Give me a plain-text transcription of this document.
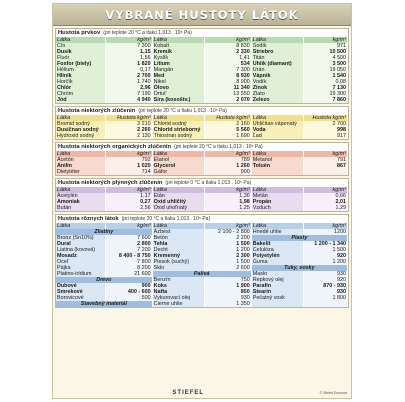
VYBRANÉ HUSTOTY LÁTOK
Hustota prvkov (pri teplote 20 °C a tlaku 1,013 . 10⁵ Pa)
Látka	kg/m³	Látka	kg/m³	Látka	kg/m³
Cín	7 300	Kobalt	8 830	Sodík	971
Dusík	1,15	Kremík	2 330	Striebro	10 500
Fluór	1,56	Kyslík	1,41	Titán	4 500
Fosfor (biely)	1 820	Lítium	534	Uhlík (diamant)	3 500
Hélium	0,17	Mangán	7 300	Urán	19 050
Hliník	2 700	Med	8 930	Vápnik	1 540
Horčík	1 740	Nikel	8 900	Vodík	0,08
Chlór	2,96	Olovo	11 340	Zinok	7 130
Chróm	7 190	Ortuť	13 550	Zlato	19 300
Jód	4 940	Síra (kosoštv.)	2 070	Železo	7 860
Hustota niektorých zlúčenín (pri teplote 20 °C a tlaku 1,013 . 10⁵ Pa)
Látka	Hustota kg/m³	Látka	Hustota kg/m³	Látka	Hustota kg/m³
Bromid sodný	3 210	Chlorid sodný	2 160	Uhličitan vápenatý	2 700
Dusičnan sodný	2 260	Chlorid strieborný	5 560	Voda	998
Hydroxid sodný	2 130	Thiosíran sodný	1 690	Ľad	917
Hustota niektorých organických zlúčenín (pri teplote 20 °C a tlaku 1,013 . 10⁵ Pa)
Látka	kg/m³	Látka	kg/m³	Látka	kg/m³
Acetón	792	Etanol	789	Metanol	791
Anilín	1 020	Glycerol	1 260	Toluén	867
Dietyléter	714	Gáfor	900		
Hustota niektorých plynných zlúčenín (pri teplote 0 °C a tlaku 1,013 . 10⁵ Pa)
Látka	kg/m³	Látka	kg/m³	Látka	kg/m³
Acetylén	1,17	Etán	1,36	Metán	0,66
Amoniak	0,27	Oxid uhličitý	1,98	Propán	2,01
Bután	2,56	Oxid uhoľnatý	1,25	Vzduch	1,29
Hustota rôznych látok (pri teplote 20 °C a tlaku 1,013 . 10⁵ Pa)
Látka	kg/m³	Látka	kg/m³	Látka	kg/m³
Zliatiny		Azbest	2 100 - 2 800	Hnedé uhlie	1200
Bronz (Sn10%)	7 600	Betón	2 200	Plasty	
Dural	2 800	Tehla	1 500	Bakelit	1 200 - 1 340
Liatina (kovová)	7 200	Decht	1 200	Celulóza	1 500
Mosadz	8 400 - 8 750	Kremenný	2 300	Polyetylén	920
Oceľ	7 800	Piesok (suchý)	1 500	Guma	1 200
Pájka	8 200	Sklo	2 600	Tuky, vosky	
Platino-irídium	21 600	Palivá		Maslo	930
Drevo		Benzín	750	Repkový olej	920
Dubové	900	Koks	1 900	Parafín	870 - 930
Smrekové	400 - 600	Nafta	850	Stearín	930
Borovicové	500	Vykurovací olej	930	Pečatný vosk	1 800
Stavebný materiál		Čierne uhlie	1 350		
STIEFEL	© Stiefel Eurocart
